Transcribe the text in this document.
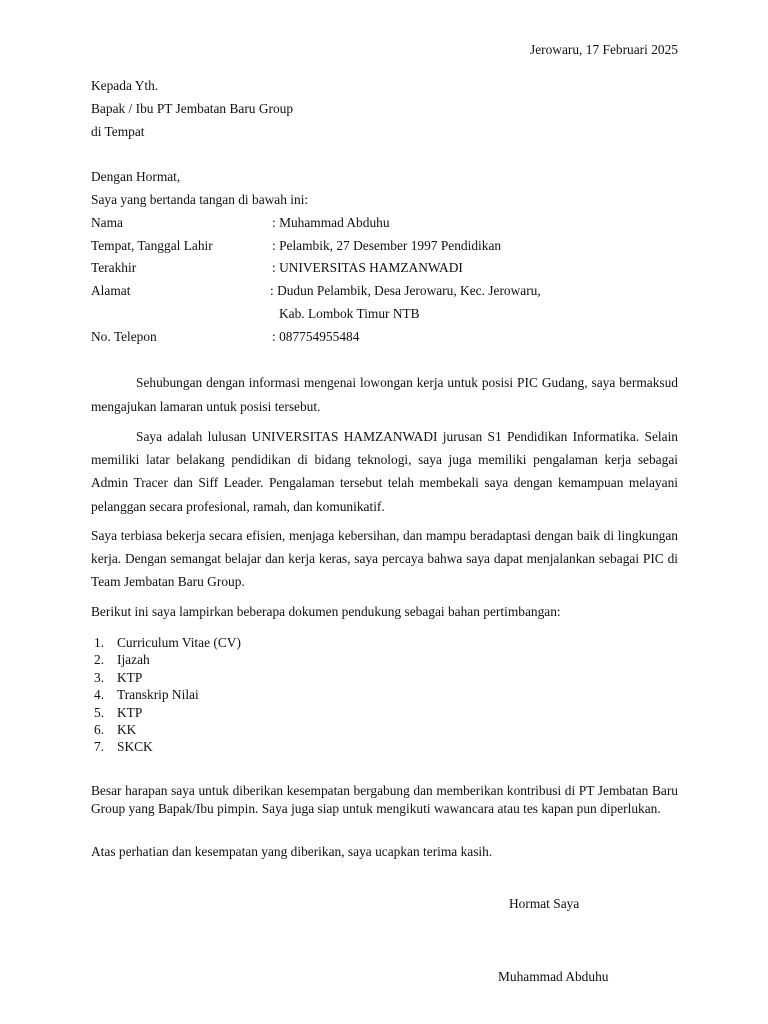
Jerowaru, 17 Februari 2025
Kepada Yth.
Bapak / Ibu PT Jembatan Baru Group
di Tempat
Dengan Hormat,
Saya yang bertanda tangan di bawah ini:
Nama	: Muhammad Abduhu
Tempat, Tanggal Lahir	: Pelambik, 27 Desember 1997 Pendidikan
Terakhir	: UNIVERSITAS HAMZANWADI
Alamat	: Dudun Pelambik, Desa Jerowaru, Kec. Jerowaru,
Kab. Lombok Timur NTB
No. Telepon	: 087754955484
Sehubungan dengan informasi mengenai lowongan kerja untuk posisi PIC Gudang, saya bermaksud mengajukan lamaran untuk posisi tersebut.
Saya adalah lulusan UNIVERSITAS HAMZANWADI jurusan S1 Pendidikan Informatika. Selain memiliki latar belakang pendidikan di bidang teknologi, saya juga memiliki pengalaman kerja sebagai Admin Tracer dan Siff Leader. Pengalaman tersebut telah membekali saya dengan kemampuan melayani pelanggan secara profesional, ramah, dan komunikatif.
Saya terbiasa bekerja secara efisien, menjaga kebersihan, dan mampu beradaptasi dengan baik di lingkungan kerja. Dengan semangat belajar dan kerja keras, saya percaya bahwa saya dapat menjalankan sebagai PIC di Team Jembatan Baru Group.
Berikut ini saya lampirkan beberapa dokumen pendukung sebagai bahan pertimbangan:
1. Curriculum Vitae (CV)
2. Ijazah
3. KTP
4. Transkrip Nilai
5. KTP
6. KK
7. SKCK
Besar harapan saya untuk diberikan kesempatan bergabung dan memberikan kontribusi di PT Jembatan Baru Group yang Bapak/Ibu pimpin. Saya juga siap untuk mengikuti wawancara atau tes kapan pun diperlukan.
Atas perhatian dan kesempatan yang diberikan, saya ucapkan terima kasih.
Hormat Saya
Muhammad Abduhu
